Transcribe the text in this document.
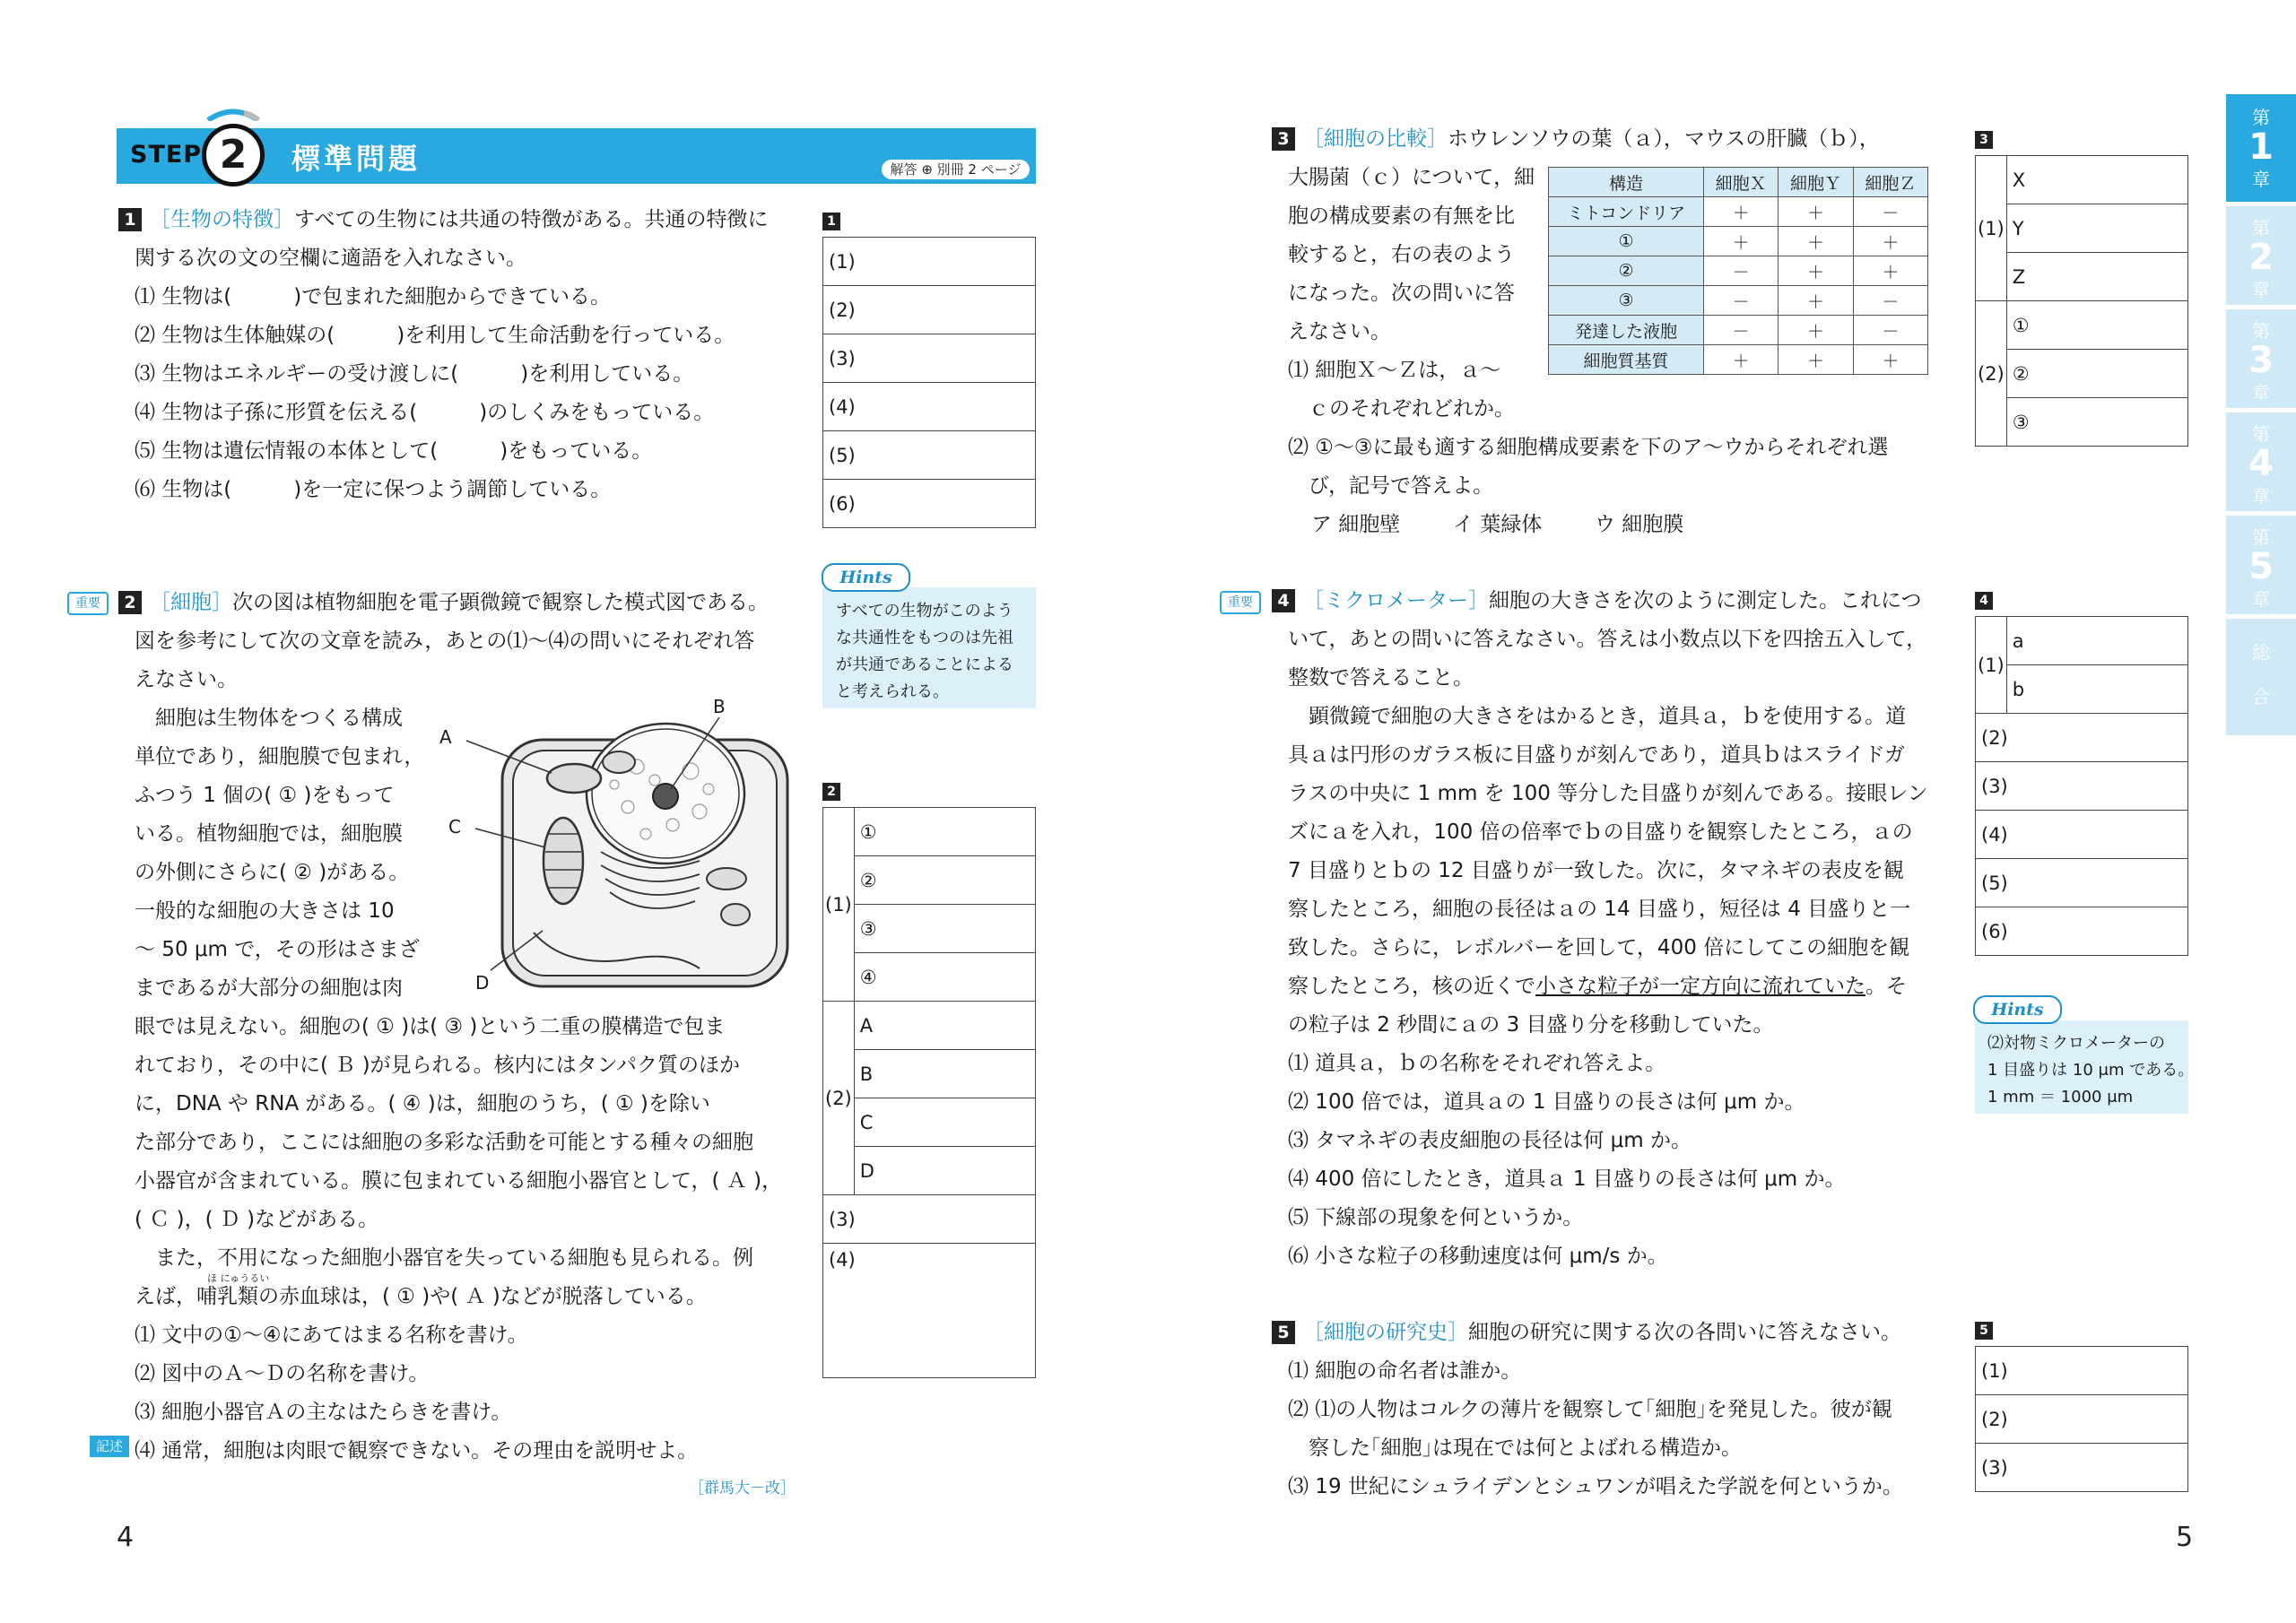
STEP 2	標準問題	解答 ⊕ 別冊 2 ページ
1 ［生物の特徴］すべての生物には共通の特徴がある。共通の特徴に
関する次の文の空欄に適語を入れなさい。
⑴ 生物は(　　　)で包まれた細胞からできている。
⑵ 生物は生体触媒の(　　　)を利用して生命活動を行っている。
⑶ 生物はエネルギーの受け渡しに(　　　)を利用している。
⑷ 生物は子孫に形質を伝える(　　　)のしくみをもっている。
⑸ 生物は遺伝情報の本体として(　　　)をもっている。
⑹ 生物は(　　　)を一定に保つよう調節している。
1
(1)
(2)
(3)
(4)
(5)
(6)
Hints
すべての生物がこのよう
な共通性をもつのは先祖
が共通であることによる
と考えられる。
重要	2 ［細胞］次の図は植物細胞を電子顕微鏡で観察した模式図である。
図を参考にして次の文章を読み，あとの⑴～⑷の問いにそれぞれ答
えなさい。
　細胞は生物体をつくる構成
単位であり，細胞膜で包まれ，
ふつう 1 個の( ① )をもって
いる。植物細胞では，細胞膜
の外側にさらに( ② )がある。
一般的な細胞の大きさは 10
～ 50 μm で，その形はさまざ
まであるが大部分の細胞は肉
A
B
C
D
眼では見えない。細胞の( ① )は( ③ )という二重の膜構造で包ま
れており，その中に( Ｂ )が見られる。核内にはタンパク質のほか
に，DNA や RNA がある。( ④ )は，細胞のうち，( ① )を除い
た部分であり，ここには細胞の多彩な活動を可能とする種々の細胞
小器官が含まれている。膜に包まれている細胞小器官として，( Ａ )，
( Ｃ )，( Ｄ )などがある。
　また，不用になった細胞小器官を失っている細胞も見られる。例
ほ にゅうるい
えば，哺乳類の赤血球は，( ① )や( Ａ )などが脱落している。
⑴ 文中の①～④にあてはまる名称を書け。
⑵ 図中のＡ～Ｄの名称を書け。
⑶ 細胞小器官Ａの主なはたらきを書け。
記述 ⑷ 通常，細胞は肉眼で観察できない。その理由を説明せよ。
［群馬大－改］
2
(1)	①
	②
	③
	④
(2)	A
	B
	C
	D
(3)	
(4)	
4
3 ［細胞の比較］ホウレンソウの葉（ａ），マウスの肝臓（ｂ），
大腸菌（ｃ）について，細
胞の構成要素の有無を比
較すると，右の表のよう
になった。次の問いに答
えなさい。
⑴ 細胞Ｘ～Ｚは，ａ～
　ｃのそれぞれどれか。
⑵ ①～③に最も適する細胞構成要素を下のア～ウからそれぞれ選
　び，記号で答えよ。
ア 細胞壁	イ 葉緑体	ウ 細胞膜
構造	細胞Ｘ	細胞Ｙ	細胞Ｚ
ミトコンドリア	＋	＋	－
①	＋	＋	＋
②	－	＋	＋
③	－	＋	－
発達した液胞	－	＋	－
細胞質基質	＋	＋	＋
3
(1)	X
	Y
	Z
(2)	①
	②
	③
重要	4 ［ミクロメーター］細胞の大きさを次のように測定した。これにつ
いて，あとの問いに答えなさい。答えは小数点以下を四捨五入して，
整数で答えること。
　顕微鏡で細胞の大きさをはかるとき，道具ａ，ｂを使用する。道
具ａは円形のガラス板に目盛りが刻んであり，道具ｂはスライドガ
ラスの中央に 1 mm を 100 等分した目盛りが刻んである。接眼レン
ズにａを入れ，100 倍の倍率でｂの目盛りを観察したところ，ａの
7 目盛りとｂの 12 目盛りが一致した。次に，タマネギの表皮を観
察したところ，細胞の長径はａの 14 目盛り，短径は 4 目盛りと一
致した。さらに，レボルバーを回して，400 倍にしてこの細胞を観
察したところ，核の近くで小さな粒子が一定方向に流れていた。そ
の粒子は 2 秒間にａの 3 目盛り分を移動していた。
⑴ 道具ａ，ｂの名称をそれぞれ答えよ。
⑵ 100 倍では，道具ａの 1 目盛りの長さは何 μm か。
⑶ タマネギの表皮細胞の長径は何 μm か。
⑷ 400 倍にしたとき，道具ａ 1 目盛りの長さは何 μm か。
⑸ 下線部の現象を何というか。
⑹ 小さな粒子の移動速度は何 μm/s か。
4
(1)	a
b
(2)
(3)
(4)
(5)
(6)
Hints
⑵対物ミクロメーターの
1 目盛りは 10 μm である。
1 mm ＝ 1000 μm
5 ［細胞の研究史］細胞の研究に関する次の各問いに答えなさい。
⑴ 細胞の命名者は誰か。
⑵ ⑴の人物はコルクの薄片を観察して｢細胞｣を発見した。彼が観
　察した｢細胞｣は現在では何とよばれる構造か。
⑶ 19 世紀にシュライデンとシュワンが唱えた学説を何というか。
5
(1)
(2)
(3)
5
第
1
章
第
2
章
第
3
章
第
4
章
第
5
章
総
合
